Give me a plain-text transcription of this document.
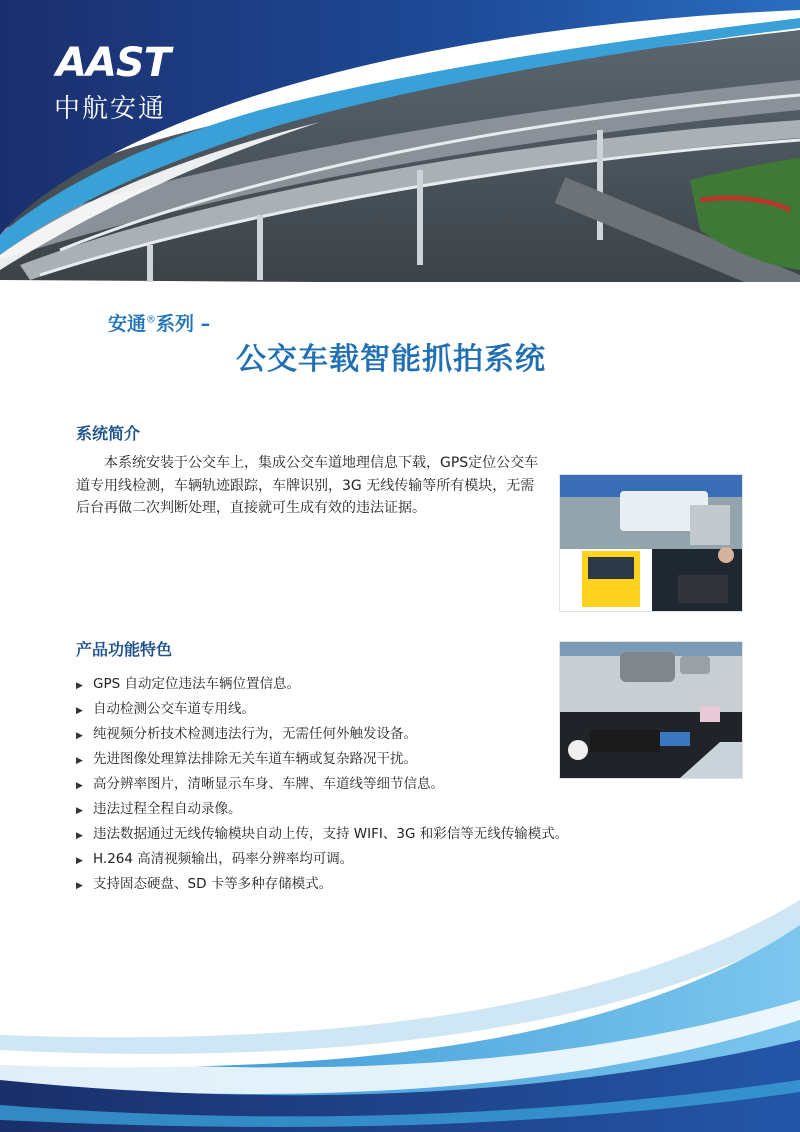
AAST
中航安通
安通®系列 –
公交车载智能抓拍系统
系统简介
本系统安装于公交车上，集成公交车道地理信息下载，GPS定位公交车道专用线检测，车辆轨迹跟踪，车牌识别，3G 无线传输等所有模块，无需后台再做二次判断处理，直接就可生成有效的违法证据。
产品功能特色
▶ GPS 自动定位违法车辆位置信息。
▶ 自动检测公交车道专用线。
▶ 纯视频分析技术检测违法行为，无需任何外触发设备。
▶ 先进图像处理算法排除无关车道车辆或复杂路况干扰。
▶ 高分辨率图片，清晰显示车身、车牌、车道线等细节信息。
▶ 违法过程全程自动录像。
▶ 违法数据通过无线传输模块自动上传，支持 WIFI、3G 和彩信等无线传输模式。
▶ H.264 高清视频输出，码率分辨率均可调。
▶ 支持固态硬盘、SD 卡等多种存储模式。
